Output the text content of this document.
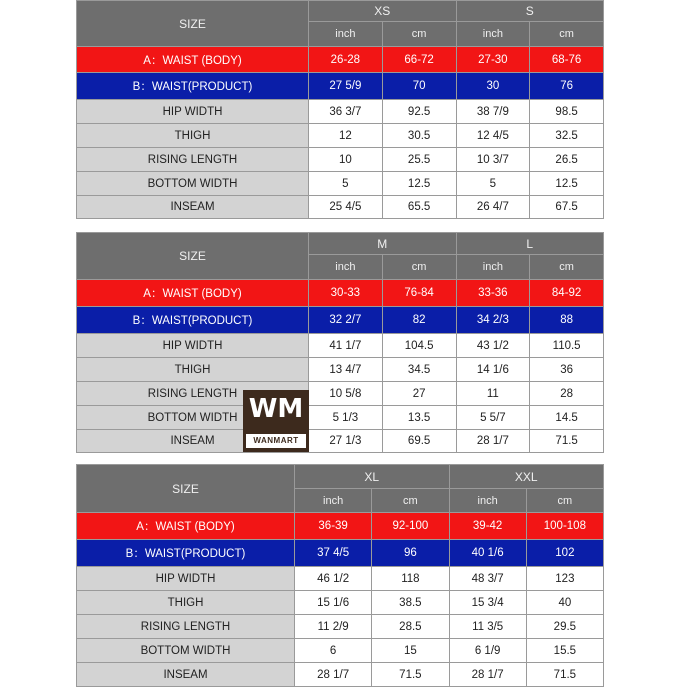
SIZE	XS		S	
	inch	cm	inch	cm
A：WAIST (BODY)	26-28	66-72	27-30	68-76
B：WAIST(PRODUCT)	27 5/9	70	30	76
HIP WIDTH	36 3/7	92.5	38 7/9	98.5
THIGH	12	30.5	12 4/5	32.5
RISING LENGTH	10	25.5	10 3/7	26.5
BOTTOM WIDTH	5	12.5	5	12.5
INSEAM	25 4/5	65.5	26 4/7	67.5
SIZE	M		L	
	inch	cm	inch	cm
A：WAIST (BODY)	30-33	76-84	33-36	84-92
B：WAIST(PRODUCT)	32 2/7	82	34 2/3	88
HIP WIDTH	41 1/7	104.5	43 1/2	110.5
THIGH	13 4/7	34.5	14 1/6	36
RISING LENGTH	10 5/8	27	11	28
BOTTOM WIDTH	5 1/3	13.5	5 5/7	14.5
INSEAM	27 1/3	69.5	28 1/7	71.5
SIZE	XL		XXL	
	inch	cm	inch	cm
A：WAIST (BODY)	36-39	92-100	39-42	100-108
B：WAIST(PRODUCT)	37 4/5	96	40 1/6	102
HIP WIDTH	46 1/2	118	48 3/7	123
THIGH	15 1/6	38.5	15 3/4	40
RISING LENGTH	11 2/9	28.5	11 3/5	29.5
BOTTOM WIDTH	6	15	6 1/9	15.5
INSEAM	28 1/7	71.5	28 1/7	71.5
WM
WANMART
